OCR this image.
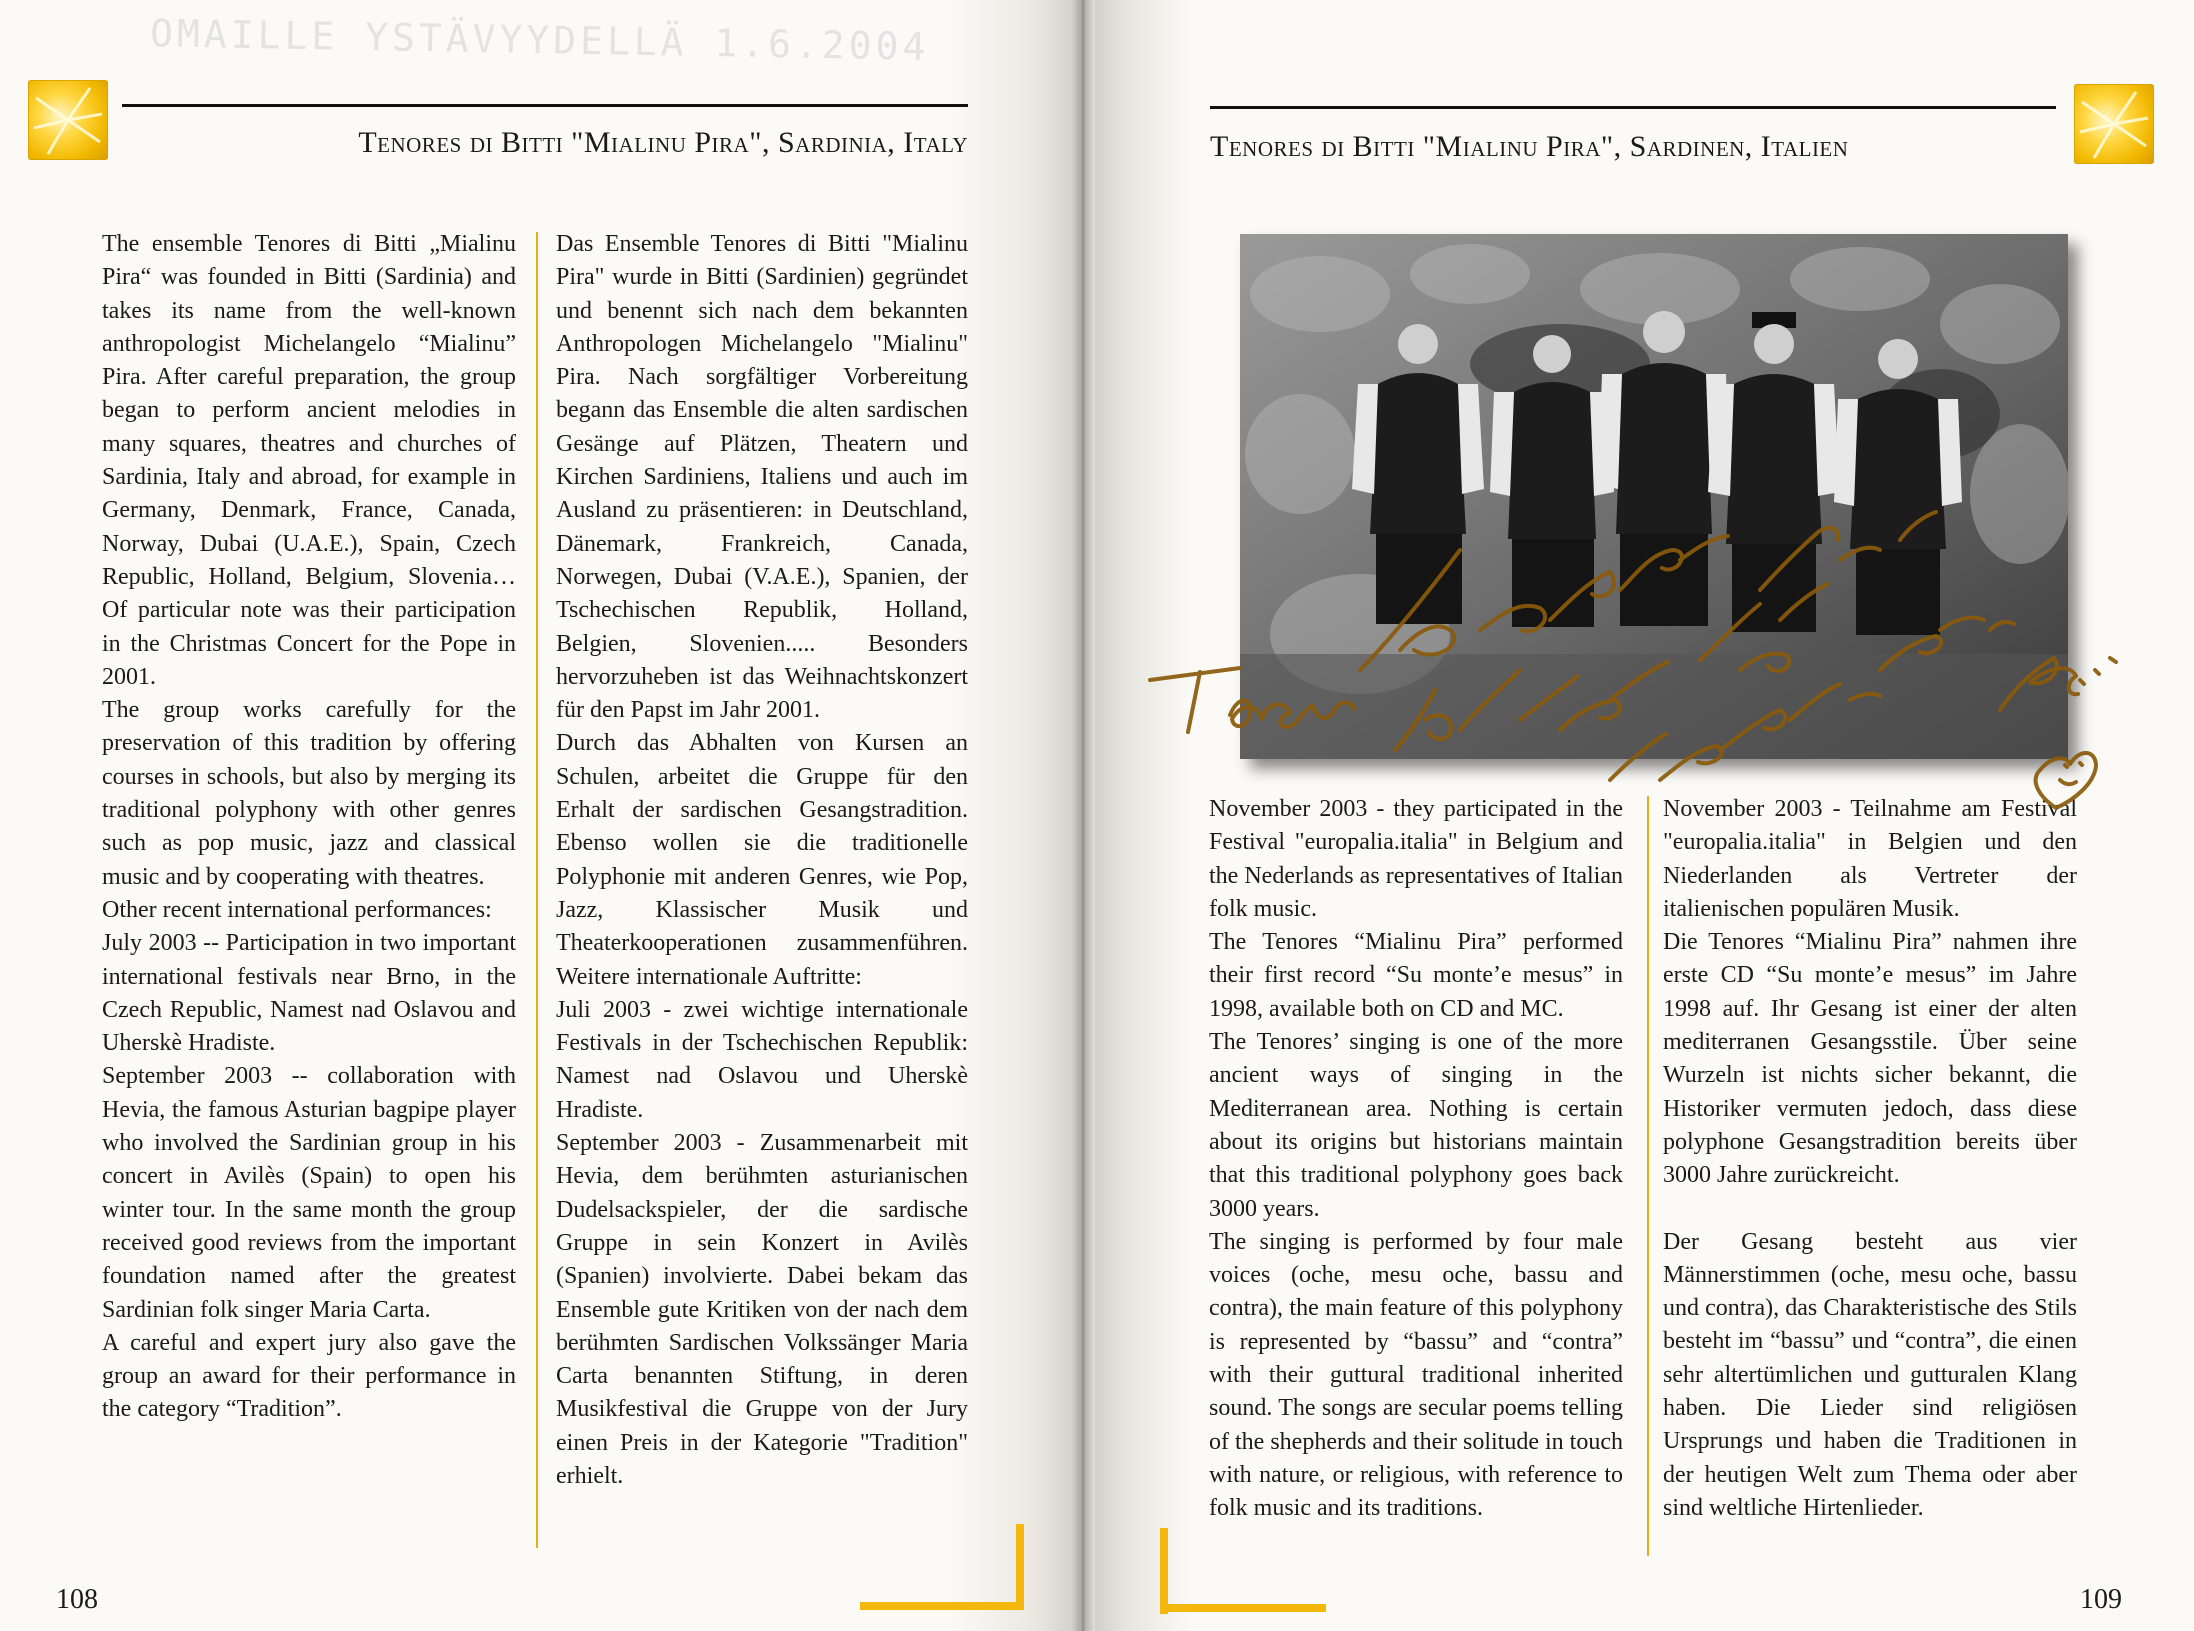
OMAILLE YSTÄVYYDELLÄ 1.6.2004
Tenores di Bitti "Mialinu Pira", Sardinia, Italy

The ensemble Tenores di Bitti „Mialinu Pira“ was founded in Bitti (Sardinia) and takes its name from the well-known anthropologist Michelangelo “Mialinu” Pira. After careful preparation, the group began to perform ancient melodies in many squares, theatres and churches of Sardinia, Italy and abroad, for example in Germany, Denmark, France, Canada, Norway, Dubai (U.A.E.), Spain, Czech Republic, Holland, Belgium, Slovenia… Of particular note was their participation in the Christmas Concert for the Pope in 2001.

The group works carefully for the preservation of this tradition by offering courses in schools, but also by merging its traditional polyphony with other genres such as pop music, jazz and classical music and by cooperating with theatres.

Other recent international performances:

July 2003 -- Participation in two important international festivals near Brno, in the Czech Republic, Namest nad Oslavou and Uherskè Hradiste.

September 2003 -- collaboration with Hevia, the famous Asturian bagpipe player who involved the Sardinian group in his concert in Avilès (Spain) to open his winter tour. In the same month the group received good reviews from the important foundation named after the greatest Sardinian folk singer Maria Carta.

A careful and expert jury also gave the group an award for their performance in the category “Tradition”.

Das Ensemble Tenores di Bitti "Mialinu Pira" wurde in Bitti (Sardinien) gegründet und benennt sich nach dem bekannten Anthropologen Michelangelo "Mialinu" Pira. Nach sorgfältiger Vorbereitung begann das Ensemble die alten sardischen Gesänge auf Plätzen, Theatern und Kirchen Sardiniens, Italiens und auch im Ausland zu präsentieren: in Deutschland, Dänemark, Frankreich, Canada, Norwegen, Dubai (V.A.E.), Spanien, der Tschechischen Republik, Holland, Belgien, Slovenien..... Besonders hervorzuheben ist das Weihnachtskonzert für den Papst im Jahr 2001.

Durch das Abhalten von Kursen an Schulen, arbeitet die Gruppe für den Erhalt der sardischen Gesangstradition. Ebenso wollen sie die traditionelle Polyphonie mit anderen Genres, wie Pop, Jazz, Klassischer Musik und Theaterkooperationen zusammenführen. Weitere internationale Auftritte:

Juli 2003 - zwei wichtige internationale Festivals in der Tschechischen Republik: Namest nad Oslavou und Uherskè Hradiste.

September 2003 - Zusammenarbeit mit Hevia, dem berühmten asturianischen Dudelsackspieler, der die sardische Gruppe in sein Konzert in Avilès (Spanien) involvierte. Dabei bekam das Ensemble gute Kritiken von der nach dem berühmten Sardischen Volkssänger Maria Carta benannten Stiftung, in deren Musikfestival die Gruppe von der Jury einen Preis in der Kategorie "Tradition" erhielt.

108
Tenores di Bitti "Mialinu Pira", Sardinen, Italien

November 2003 - they participated in the Festival "europalia.italia" in Belgium and the Nederlands as representatives of Italian folk music.

The Tenores “Mialinu Pira” performed their first record “Su monte’e mesus” in 1998, available both on CD and MC.

The Tenores’ singing is one of the more ancient ways of singing in the Mediterranean area. Nothing is certain about its origins but historians maintain that this traditional polyphony goes back 3000 years.

The singing is performed by four male voices (oche, mesu oche, bassu and contra), the main feature of this polyphony is represented by “bassu” and “contra” with their guttural traditional inherited sound. The songs are secular poems telling of the shepherds and their solitude in touch with nature, or religious, with reference to folk music and its traditions.

November 2003 - Teilnahme am Festival "europalia.italia" in Belgien und den Niederlanden als Vertreter der italienischen populären Musik.

Die Tenores “Mialinu Pira” nahmen ihre erste CD “Su monte’e mesus” im Jahre 1998 auf. Ihr Gesang ist einer der alten mediterranen Gesangsstile. Über seine Wurzeln ist nichts sicher bekannt, die Historiker vermuten jedoch, dass diese polyphone Gesangstradition bereits über 3000 Jahre zurückreicht.

Der Gesang besteht aus vier Männerstimmen (oche, mesu oche, bassu und contra), das Charakteristische des Stils besteht im “bassu” und “contra”, die einen sehr altertümlichen und gutturalen Klang haben. Die Lieder sind religiösen Ursprungs und haben die Traditionen in der heutigen Welt zum Thema oder aber sind weltliche Hirtenlieder.

109
